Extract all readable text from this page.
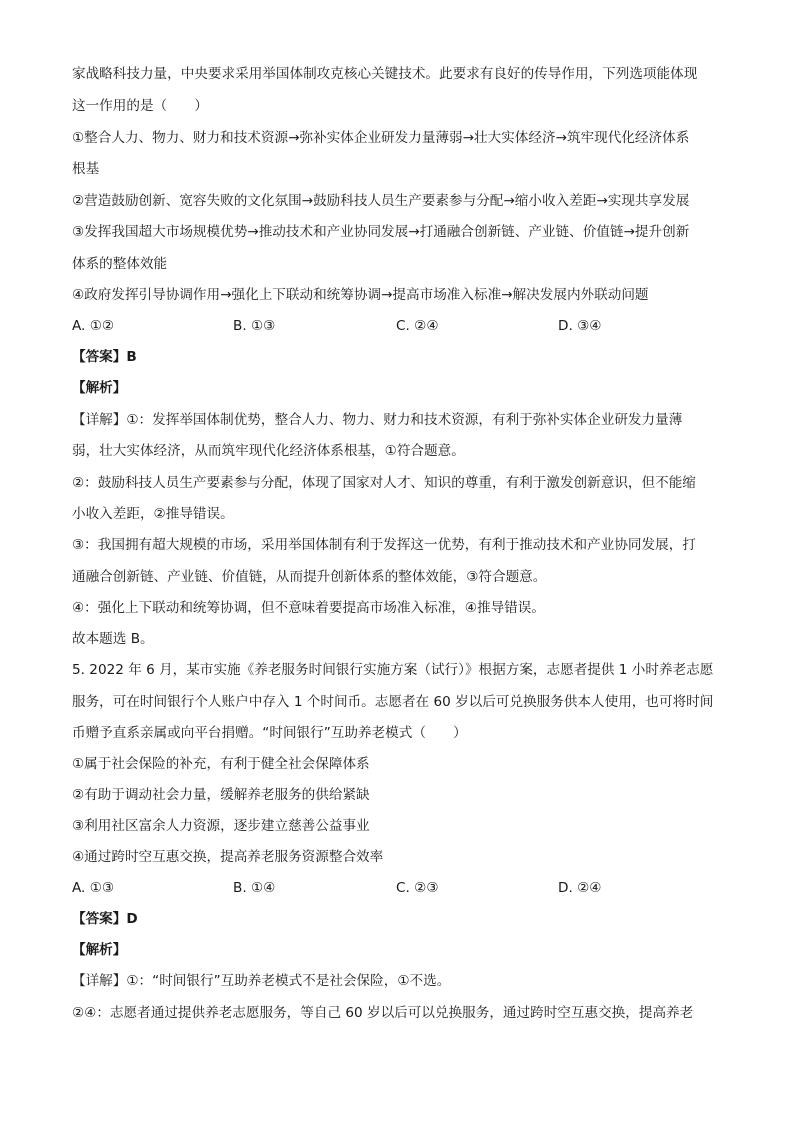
家战略科技力量，中央要求采用举国体制攻克核心关键技术。此要求有良好的传导作用，下列选项能体现
这一作用的是（　　）
①整合人力、物力、财力和技术资源→弥补实体企业研发力量薄弱→壮大实体经济→筑牢现代化经济体系
根基
②营造鼓励创新、宽容失败的文化氛围→鼓励科技人员生产要素参与分配→缩小收入差距→实现共享发展
③发挥我国超大市场规模优势→推动技术和产业协同发展→打通融合创新链、产业链、价值链→提升创新
体系的整体效能
④政府发挥引导协调作用→强化上下联动和统筹协调→提高市场准入标准→解决发展内外联动问题
A. ①②	B. ①③	C. ②④	D. ③④
【答案】B
【解析】
【详解】①：发挥举国体制优势，整合人力、物力、财力和技术资源，有利于弥补实体企业研发力量薄
弱，壮大实体经济，从而筑牢现代化经济体系根基，①符合题意。
②：鼓励科技人员生产要素参与分配，体现了国家对人才、知识的尊重，有利于激发创新意识，但不能缩
小收入差距，②推导错误。
③：我国拥有超大规模的市场，采用举国体制有利于发挥这一优势，有利于推动技术和产业协同发展，打
通融合创新链、产业链、价值链，从而提升创新体系的整体效能，③符合题意。
④：强化上下联动和统筹协调，但不意味着要提高市场准入标准，④推导错误。
故本题选 B。
5. 2022 年 6 月，某市实施《养老服务时间银行实施方案（试行）》根据方案，志愿者提供 1 小时养老志愿
服务，可在时间银行个人账户中存入 1 个时间币。志愿者在 60 岁以后可兑换服务供本人使用，也可将时间
币赠予直系亲属或向平台捐赠。“时间银行”互助养老模式（　　）
①属于社会保险的补充，有利于健全社会保障体系
②有助于调动社会力量，缓解养老服务的供给紧缺
③利用社区富余人力资源，逐步建立慈善公益事业
④通过跨时空互惠交换，提高养老服务资源整合效率
A. ①③	B. ①④	C. ②③	D. ②④
【答案】D
【解析】
【详解】①：“时间银行”互助养老模式不是社会保险，①不选。
②④：志愿者通过提供养老志愿服务，等自己 60 岁以后可以兑换服务，通过跨时空互惠交换，提高养老
